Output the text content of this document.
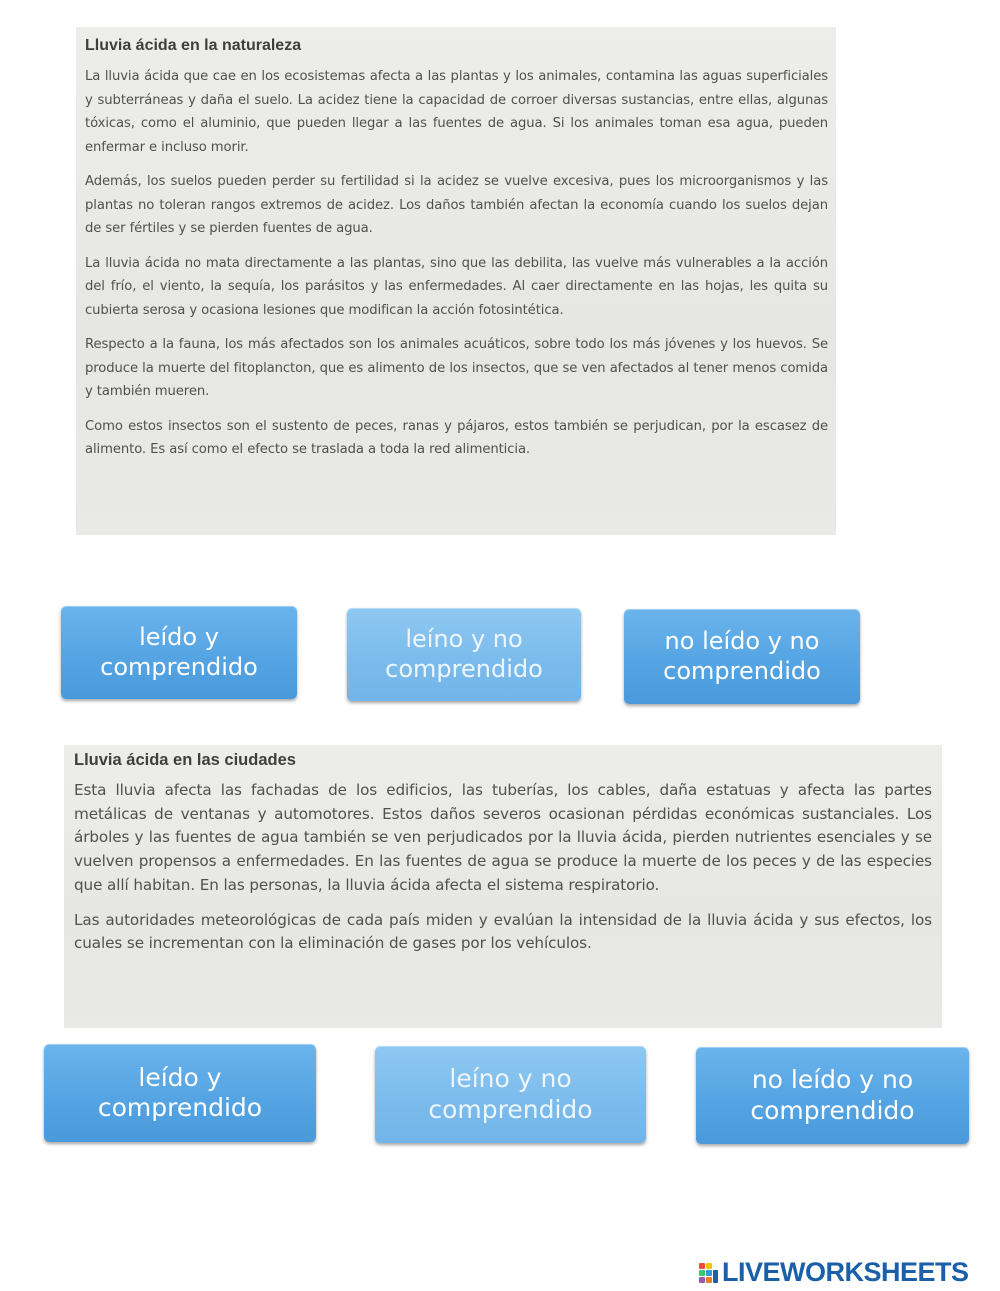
Lluvia ácida en la naturaleza

La lluvia ácida que cae en los ecosistemas afecta a las plantas y los animales, contamina las aguas superficiales y subterráneas y daña el suelo. La acidez tiene la capacidad de corroer diversas sustancias, entre ellas, algunas tóxicas, como el aluminio, que pueden llegar a las fuentes de agua. Si los animales toman esa agua, pueden enfermar e incluso morir.

Además, los suelos pueden perder su fertilidad si la acidez se vuelve excesiva, pues los microorganismos y las plantas no toleran rangos extremos de acidez. Los daños también afectan la economía cuando los suelos dejan de ser fértiles y se pierden fuentes de agua.

La lluvia ácida no mata directamente a las plantas, sino que las debilita, las vuelve más vulnerables a la acción del frío, el viento, la sequía, los parásitos y las enfermedades. Al caer directamente en las hojas, les quita su cubierta serosa y ocasiona lesiones que modifican la acción fotosintética.

Respecto a la fauna, los más afectados son los animales acuáticos, sobre todo los más jóvenes y los huevos. Se produce la muerte del fitoplancton, que es alimento de los insectos, que se ven afectados al tener menos comida y también mueren.

Como estos insectos son el sustento de peces, ranas y pájaros, estos también se perjudican, por la escasez de alimento. Es así como el efecto se traslada a toda la red alimenticia.

leído y comprendido
leíno y no comprendido
no leído y no comprendido
Lluvia ácida en las ciudades

Esta lluvia afecta las fachadas de los edificios, las tuberías, los cables, daña estatuas y afecta las partes metálicas de ventanas y automotores. Estos daños severos ocasionan pérdidas económicas sustanciales. Los árboles y las fuentes de agua también se ven perjudicados por la lluvia ácida, pierden nutrientes esenciales y se vuelven propensos a enfermedades. En las fuentes de agua se produce la muerte de los peces y de las especies que allí habitan. En las personas, la lluvia ácida afecta el sistema respiratorio.

Las autoridades meteorológicas de cada país miden y evalúan la intensidad de la lluvia ácida y sus efectos, los cuales se incrementan con la eliminación de gases por los vehículos.

leído y comprendido
leíno y no comprendido
no leído y no comprendido
LIVEWORKSHEETS
